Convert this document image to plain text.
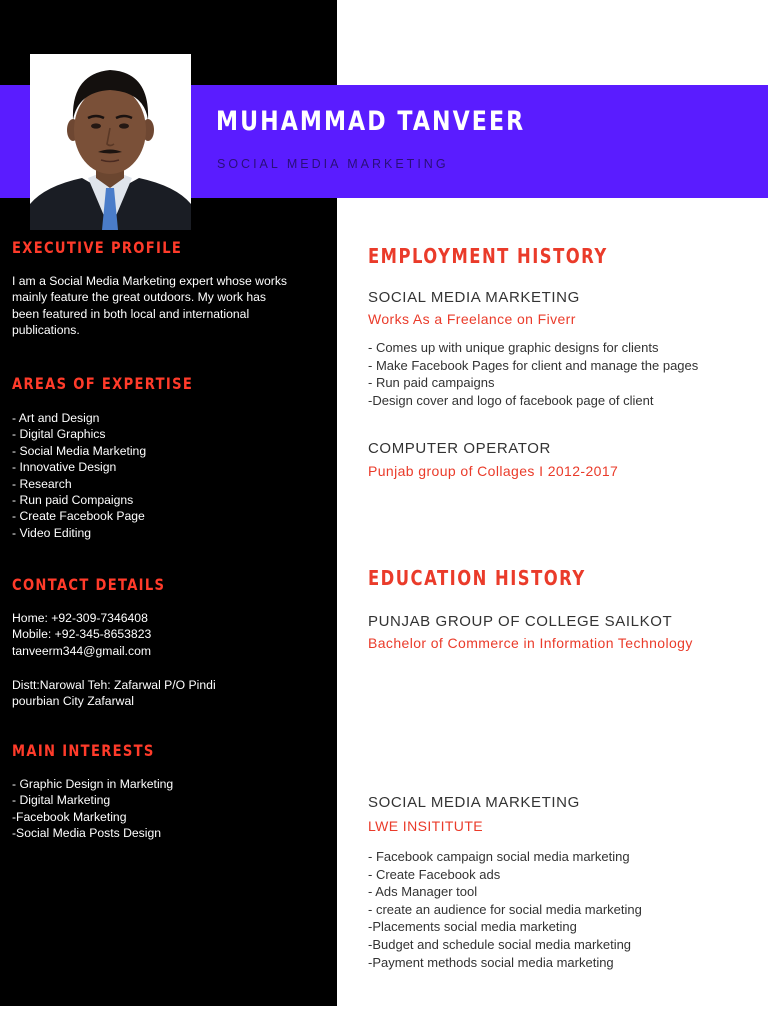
MUHAMMAD TANVEER

SOCIAL MEDIA MARKETING

EXECUTIVE PROFILE

I am a Social Media Marketing expert whose works mainly feature the great outdoors. My work has been featured in both local and international publications.

AREAS OF EXPERTISE
- Art and Design
- Digital Graphics
- Social Media Marketing
- Innovative Design
- Research
- Run paid Compaigns
- Create Facebook Page
- Video Editing
CONTACT DETAILS
Home: +92-309-7346408
Mobile: +92-345-8653823
tanveerm344@gmail.com
Distt:Narowal Teh: Zafarwal P/O Pindi
pourbian City Zafarwal
MAIN INTERESTS
- Graphic Design in Marketing
- Digital Marketing
-Facebook Marketing
-Social Media Posts Design
EMPLOYMENT HISTORY

SOCIAL MEDIA MARKETING

Works As a Freelance on Fiverr

- Comes up with unique graphic designs for clients
- Make Facebook Pages for client and manage the pages
- Run paid campaigns
-Design cover and logo of facebook page of client

COMPUTER OPERATOR

Punjab group of Collages I 2012-2017

EDUCATION HISTORY

PUNJAB GROUP OF COLLEGE SAILKOT

Bachelor of Commerce in Information Technology

SOCIAL MEDIA MARKETING

LWE INSITITUTE

- Facebook campaign social media marketing
- Create Facebook ads
- Ads Manager tool
- create an audience for social media marketing
-Placements social media marketing
-Budget and schedule social media marketing
-Payment methods social media marketing
